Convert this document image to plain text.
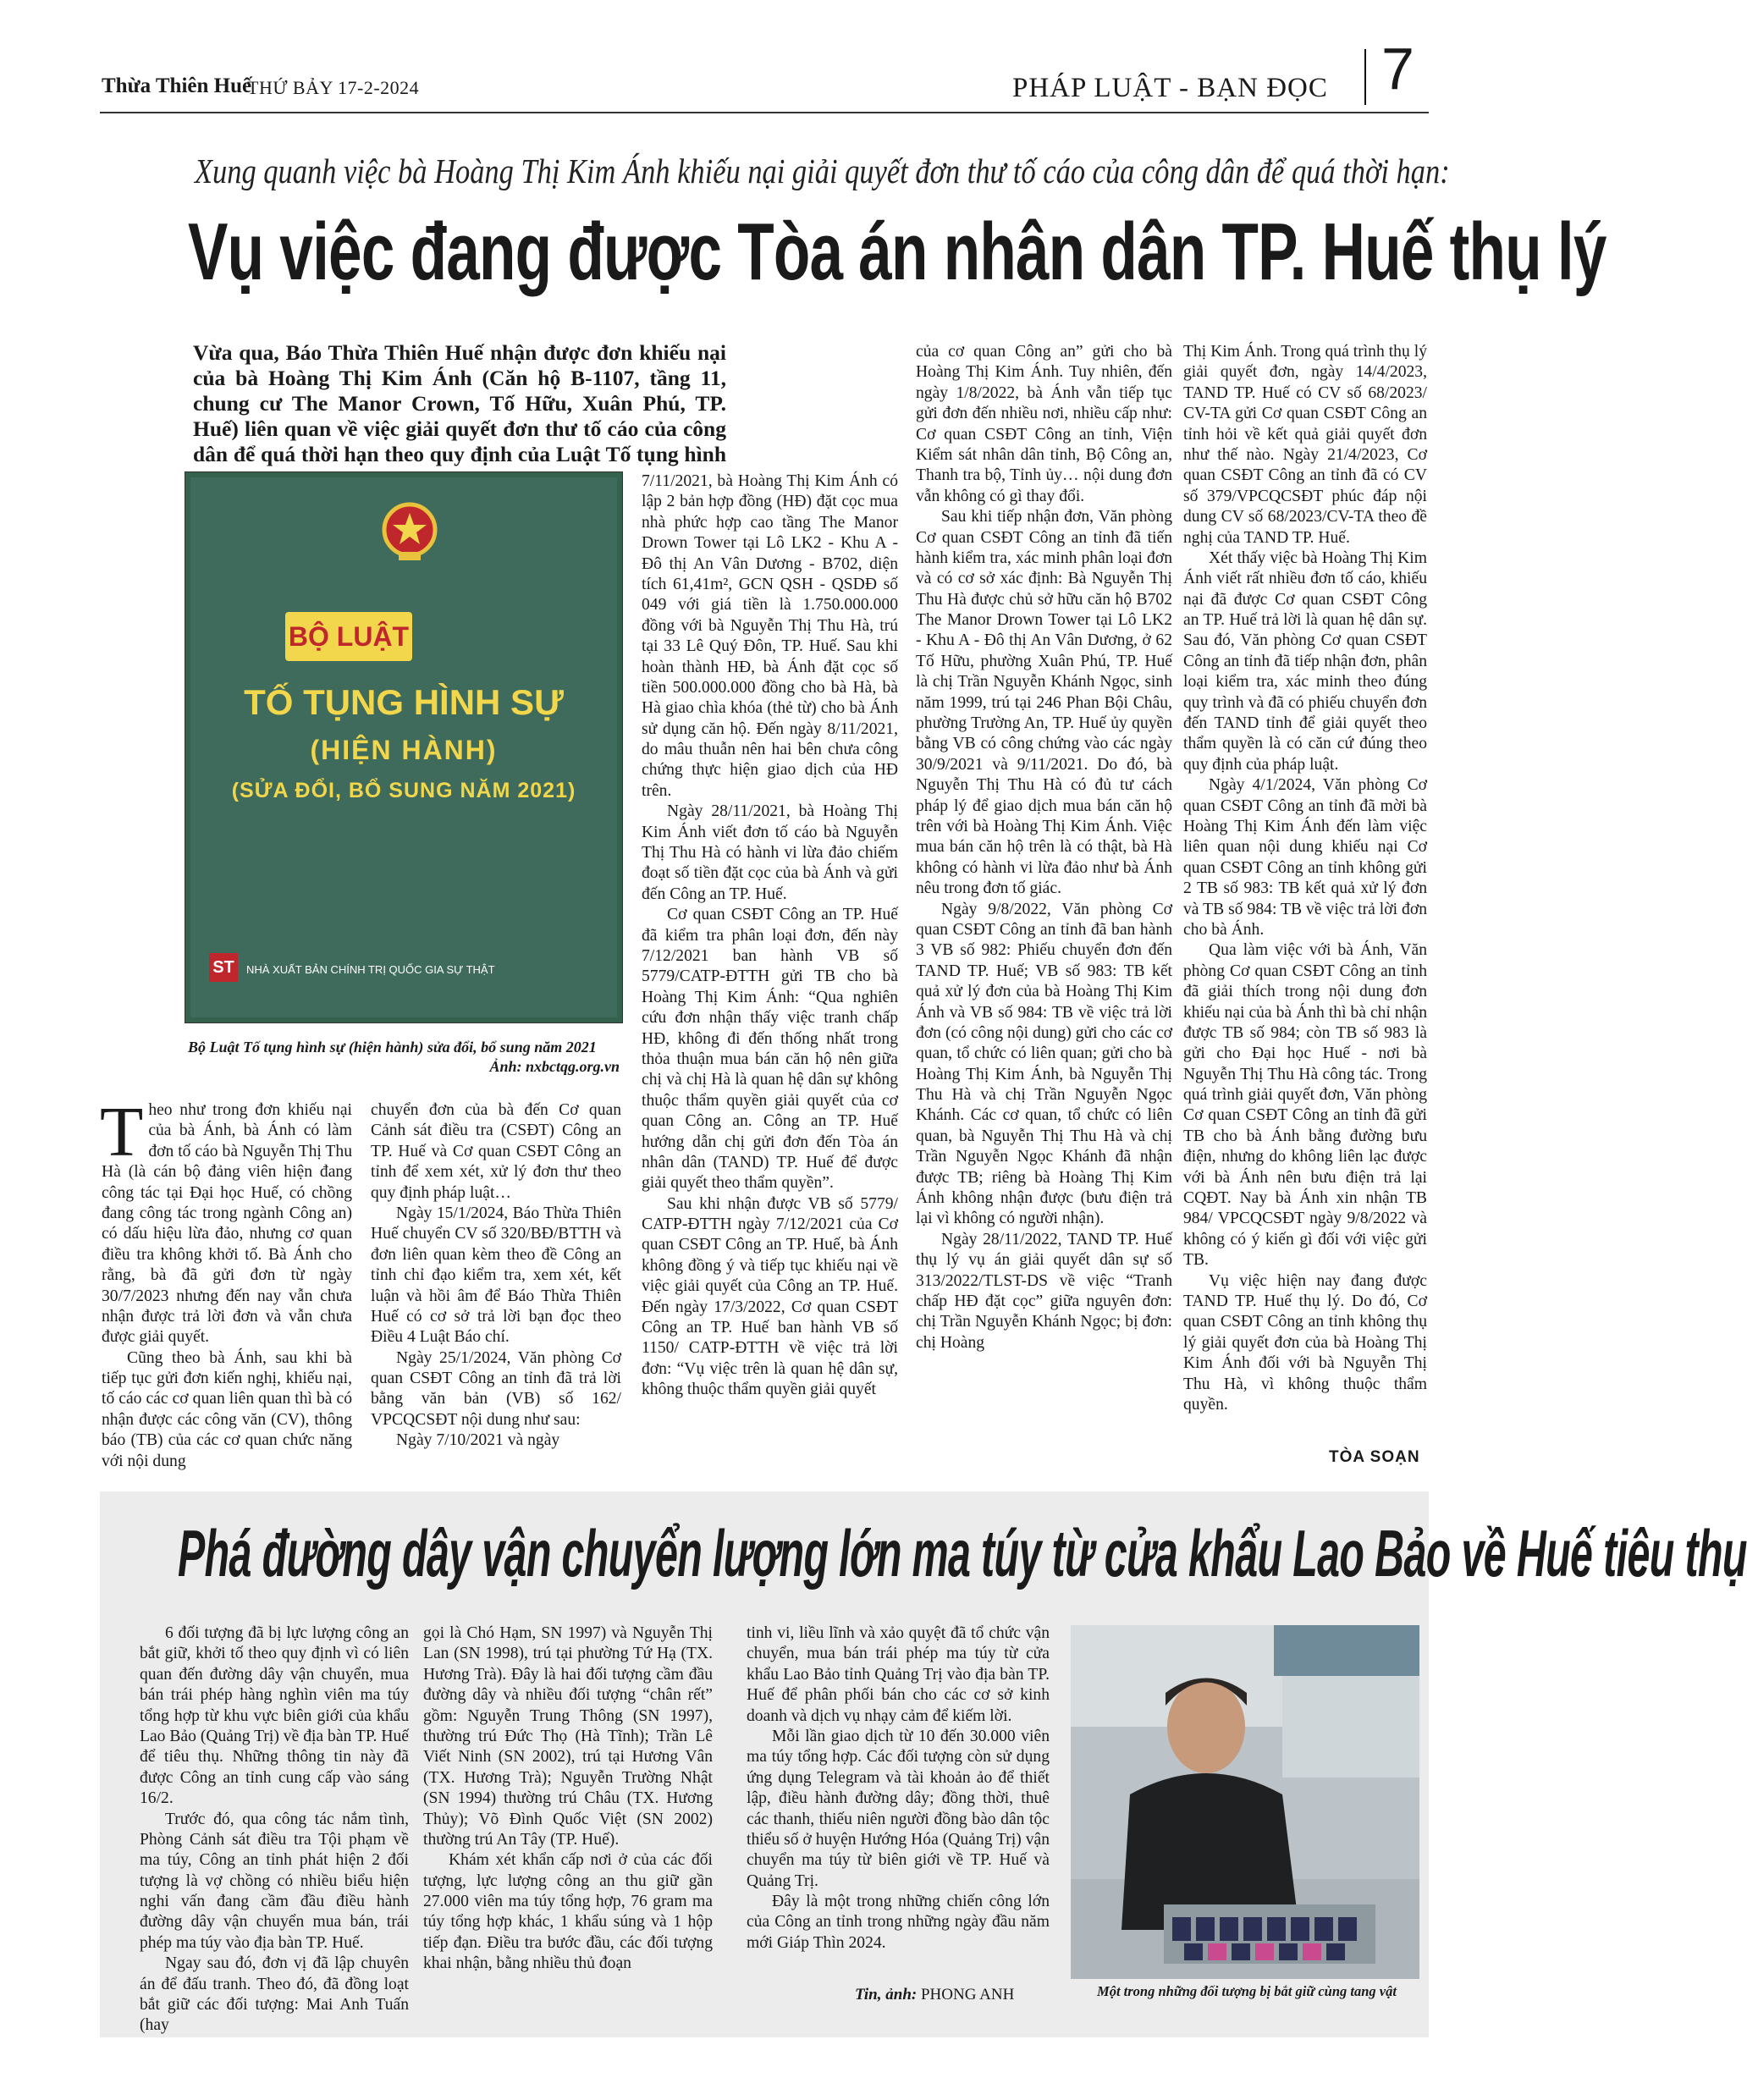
Thừa Thiên Huế
THỨ BẢY 17-2-2024	PHÁP LUẬT - BẠN ĐỌC 7
Xung quanh việc bà Hoàng Thị Kim Ánh khiếu nại giải quyết đơn thư tố cáo của công dân để quá thời hạn:
Vụ việc đang được Tòa án nhân dân TP. Huế thụ lý
Vừa qua, Báo Thừa Thiên Huế nhận được đơn khiếu nại của bà Hoàng Thị Kim Ánh (Căn hộ B-1107, tầng 11, chung cư The Manor Crown, Tố Hữu, Xuân Phú, TP. Huế) liên quan về việc giải quyết đơn thư tố cáo của công dân để quá thời hạn theo quy định của Luật Tố tụng hình
BỘ LUẬT
TỐ TỤNG HÌNH SỰ
(HIỆN HÀNH)
(SỬA ĐỔI, BỔ SUNG NĂM 2021)
ST	NHÀ XUẤT BẢN CHÍNH TRỊ QUỐC GIA SỰ THẬT
Bộ Luật Tố tụng hình sự (hiện hành) sửa đổi, bổ sung năm 2021
Ảnh: nxbctqg.org.vn

7/11/2021, bà Hoàng Thị Kim Ánh có lập 2 bản hợp đồng (HĐ) đặt cọc mua nhà phức hợp cao tầng The Manor Drown Tower tại Lô LK2 - Khu A - Đô thị An Vân Dương - B702, diện tích 61,41m², GCN QSH - QSDĐ số 049 với giá tiền là 1.750.000.000 đồng với bà Nguyễn Thị Thu Hà, trú tại 33 Lê Quý Đôn, TP. Huế. Sau khi hoàn thành HĐ, bà Ánh đặt cọc số tiền 500.000.000 đồng cho bà Hà, bà Hà giao chìa khóa (thẻ từ) cho bà Ánh sử dụng căn hộ. Đến ngày 8/11/2021, do mâu thuẫn nên hai bên chưa công chứng thực hiện giao dịch của HĐ trên.

Ngày 28/11/2021, bà Hoàng Thị Kim Ánh viết đơn tố cáo bà Nguyễn Thị Thu Hà có hành vi lừa đảo chiếm đoạt số tiền đặt cọc của bà Ánh và gửi đến Công an TP. Huế.

Cơ quan CSĐT Công an TP. Huế đã kiểm tra phân loại đơn, đến này 7/12/2021 ban hành VB số 5779/CATP-ĐTTH gửi TB cho bà Hoàng Thị Kim Ánh: “Qua nghiên cứu đơn nhận thấy việc tranh chấp HĐ, không đi đến thống nhất trong thỏa thuận mua bán căn hộ nên giữa chị và chị Hà là quan hệ dân sự không thuộc thẩm quyền giải quyết của cơ quan Công an. Công an TP. Huế hướng dẫn chị gửi đơn đến Tòa án nhân dân (TAND) TP. Huế để được giải quyết theo thẩm quyền”.

Sau khi nhận được VB số 5779/ CATP-ĐTTH ngày 7/12/2021 của Cơ quan CSĐT Công an TP. Huế, bà Ánh không đồng ý và tiếp tục khiếu nại về việc giải quyết của Công an TP. Huế. Đến ngày 17/3/2022, Cơ quan CSĐT Công an TP. Huế ban hành VB số 1150/ CATP-ĐTTH về việc trả lời đơn: “Vụ việc trên là quan hệ dân sự, không thuộc thẩm quyền giải quyết

của cơ quan Công an” gửi cho bà Hoàng Thị Kim Ánh. Tuy nhiên, đến ngày 1/8/2022, bà Ánh vẫn tiếp tục gửi đơn đến nhiều nơi, nhiều cấp như: Cơ quan CSĐT Công an tỉnh, Viện Kiểm sát nhân dân tỉnh, Bộ Công an, Thanh tra bộ, Tỉnh ủy… nội dung đơn vẫn không có gì thay đổi.

Sau khi tiếp nhận đơn, Văn phòng Cơ quan CSĐT Công an tỉnh đã tiến hành kiểm tra, xác minh phân loại đơn và có cơ sở xác định: Bà Nguyễn Thị Thu Hà được chủ sở hữu căn hộ B702 The Manor Drown Tower tại Lô LK2 - Khu A - Đô thị An Vân Dương, ở 62 Tố Hữu, phường Xuân Phú, TP. Huế là chị Trần Nguyễn Khánh Ngọc, sinh năm 1999, trú tại 246 Phan Bội Châu, phường Trường An, TP. Huế ủy quyền bằng VB có công chứng vào các ngày 30/9/2021 và 9/11/2021. Do đó, bà Nguyễn Thị Thu Hà có đủ tư cách pháp lý để giao dịch mua bán căn hộ trên với bà Hoàng Thị Kim Ánh. Việc mua bán căn hộ trên là có thật, bà Hà không có hành vi lừa đảo như bà Ánh nêu trong đơn tố giác.

Ngày 9/8/2022, Văn phòng Cơ quan CSĐT Công an tỉnh đã ban hành 3 VB số 982: Phiếu chuyển đơn đến TAND TP. Huế; VB số 983: TB kết quả xử lý đơn của bà Hoàng Thị Kim Ánh và VB số 984: TB về việc trả lời đơn (có công nội dung) gửi cho các cơ quan, tổ chức có liên quan; gửi cho bà Hoàng Thị Kim Ánh, bà Nguyễn Thị Thu Hà và chị Trần Nguyễn Ngọc Khánh. Các cơ quan, tổ chức có liên quan, bà Nguyễn Thị Thu Hà và chị Trần Nguyễn Ngọc Khánh đã nhận được TB; riêng bà Hoàng Thị Kim Ánh không nhận được (bưu điện trả lại vì không có người nhận).

Ngày 28/11/2022, TAND TP. Huế thụ lý vụ án giải quyết dân sự số 313/2022/TLST-DS về việc “Tranh chấp HĐ đặt cọc” giữa nguyên đơn: chị Trần Nguyễn Khánh Ngọc; bị đơn: chị Hoàng

Thị Kim Ánh. Trong quá trình thụ lý giải quyết đơn, ngày 14/4/2023, TAND TP. Huế có CV số 68/2023/ CV-TA gửi Cơ quan CSĐT Công an tỉnh hỏi về kết quả giải quyết đơn như thế nào. Ngày 21/4/2023, Cơ quan CSĐT Công an tỉnh đã có CV số 379/VPCQCSĐT phúc đáp nội dung CV số 68/2023/CV-TA theo đề nghị của TAND TP. Huế.

Xét thấy việc bà Hoàng Thị Kim Ánh viết rất nhiều đơn tố cáo, khiếu nại đã được Cơ quan CSĐT Công an TP. Huế trả lời là quan hệ dân sự. Sau đó, Văn phòng Cơ quan CSĐT Công an tỉnh đã tiếp nhận đơn, phân loại kiểm tra, xác minh theo đúng quy trình và đã có phiếu chuyển đơn đến TAND tỉnh để giải quyết theo thẩm quyền là có căn cứ đúng theo quy định của pháp luật.

Ngày 4/1/2024, Văn phòng Cơ quan CSĐT Công an tỉnh đã mời bà Hoàng Thị Kim Ánh đến làm việc liên quan nội dung khiếu nại Cơ quan CSĐT Công an tỉnh không gửi 2 TB số 983: TB kết quả xử lý đơn và TB số 984: TB về việc trả lời đơn cho bà Ánh.

Qua làm việc với bà Ánh, Văn phòng Cơ quan CSĐT Công an tỉnh đã giải thích trong nội dung đơn khiếu nại của bà Ánh thì bà chỉ nhận được TB số 984; còn TB số 983 là gửi cho Đại học Huế - nơi bà Nguyễn Thị Thu Hà công tác. Trong quá trình giải quyết đơn, Văn phòng Cơ quan CSĐT Công an tỉnh đã gửi TB cho bà Ánh bằng đường bưu điện, nhưng do không liên lạc được với bà Ánh nên bưu điện trả lại CQĐT. Nay bà Ánh xin nhận TB 984/ VPCQCSĐT ngày 9/8/2022 và không có ý kiến gì đối với việc gửi TB.

Vụ việc hiện nay đang được TAND TP. Huế thụ lý. Do đó, Cơ quan CSĐT Công an tỉnh không thụ lý giải quyết đơn của bà Hoàng Thị Kim Ánh đối với bà Nguyễn Thị Thu Hà, vì không thuộc thẩm quyền.

Theo như trong đơn khiếu nại của bà Ánh, bà Ánh có làm đơn tố cáo bà Nguyễn Thị Thu Hà (là cán bộ đảng viên hiện đang công tác tại Đại học Huế, có chồng đang công tác trong ngành Công an) có dấu hiệu lừa đảo, nhưng cơ quan điều tra không khởi tố. Bà Ánh cho rằng, bà đã gửi đơn từ ngày 30/7/2023 nhưng đến nay vẫn chưa nhận được trả lời đơn và vẫn chưa được giải quyết.

Cũng theo bà Ánh, sau khi bà tiếp tục gửi đơn kiến nghị, khiếu nại, tố cáo các cơ quan liên quan thì bà có nhận được các công văn (CV), thông báo (TB) của các cơ quan chức năng với nội dung

chuyển đơn của bà đến Cơ quan Cảnh sát điều tra (CSĐT) Công an TP. Huế và Cơ quan CSĐT Công an tỉnh để xem xét, xử lý đơn thư theo quy định pháp luật…

Ngày 15/1/2024, Báo Thừa Thiên Huế chuyển CV số 320/BĐ/BTTH và đơn liên quan kèm theo đề Công an tỉnh chỉ đạo kiểm tra, xem xét, kết luận và hồi âm để Báo Thừa Thiên Huế có cơ sở trả lời bạn đọc theo Điều 4 Luật Báo chí.

Ngày 25/1/2024, Văn phòng Cơ quan CSĐT Công an tỉnh đã trả lời bằng văn bản (VB) số 162/ VPCQCSĐT nội dung như sau:

Ngày 7/10/2021 và ngày

TÒA SOẠN
Phá đường dây vận chuyển lượng lớn ma túy từ cửa khẩu Lao Bảo về Huế tiêu thụ

6 đối tượng đã bị lực lượng công an bắt giữ, khởi tố theo quy định vì có liên quan đến đường dây vận chuyển, mua bán trái phép hàng nghìn viên ma túy tổng hợp từ khu vực biên giới của khẩu Lao Bảo (Quảng Trị) về địa bàn TP. Huế để tiêu thụ. Những thông tin này đã được Công an tỉnh cung cấp vào sáng 16/2.

Trước đó, qua công tác nắm tình, Phòng Cảnh sát điều tra Tội phạm về ma túy, Công an tỉnh phát hiện 2 đối tượng là vợ chồng có nhiều biểu hiện nghi vấn đang cầm đầu điều hành đường dây vận chuyển mua bán, trái phép ma túy vào địa bàn TP. Huế.

Ngay sau đó, đơn vị đã lập chuyên án để đấu tranh. Theo đó, đã đồng loạt bắt giữ các đối tượng: Mai Anh Tuấn (hay

gọi là Chó Hạm, SN 1997) và Nguyễn Thị Lan (SN 1998), trú tại phường Tứ Hạ (TX. Hương Trà). Đây là hai đối tượng cầm đầu đường dây và nhiều đối tượng “chân rết” gồm: Nguyễn Trung Thông (SN 1997), thường trú Đức Thọ (Hà Tĩnh); Trần Lê Viết Ninh (SN 2002), trú tại Hương Vân (TX. Hương Trà); Nguyễn Trường Nhật (SN 1994) thường trú Châu (TX. Hương Thủy); Võ Đình Quốc Việt (SN 2002) thường trú An Tây (TP. Huế).

Khám xét khẩn cấp nơi ở của các đối tượng, lực lượng công an thu giữ gần 27.000 viên ma túy tổng hợp, 76 gram ma túy tổng hợp khác, 1 khẩu súng và 1 hộp tiếp đạn. Điều tra bước đầu, các đối tượng khai nhận, bằng nhiều thủ đoạn

tinh vi, liều lĩnh và xảo quyệt đã tổ chức vận chuyển, mua bán trái phép ma túy từ cửa khẩu Lao Bảo tỉnh Quảng Trị vào địa bàn TP. Huế để phân phối bán cho các cơ sở kinh doanh và dịch vụ nhạy cảm để kiếm lời.

Mỗi lần giao dịch từ 10 đến 30.000 viên ma túy tổng hợp. Các đối tượng còn sử dụng ứng dụng Telegram và tài khoản ảo để thiết lập, điều hành đường dây; đồng thời, thuê các thanh, thiếu niên người đồng bào dân tộc thiểu số ở huyện Hướng Hóa (Quảng Trị) vận chuyển ma túy từ biên giới về TP. Huế và Quảng Trị.

Đây là một trong những chiến công lớn của Công an tỉnh trong những ngày đầu năm mới Giáp Thìn 2024.

Tin, ảnh: PHONG ANH	Một trong những đối tượng bị bắt giữ cùng tang vật
